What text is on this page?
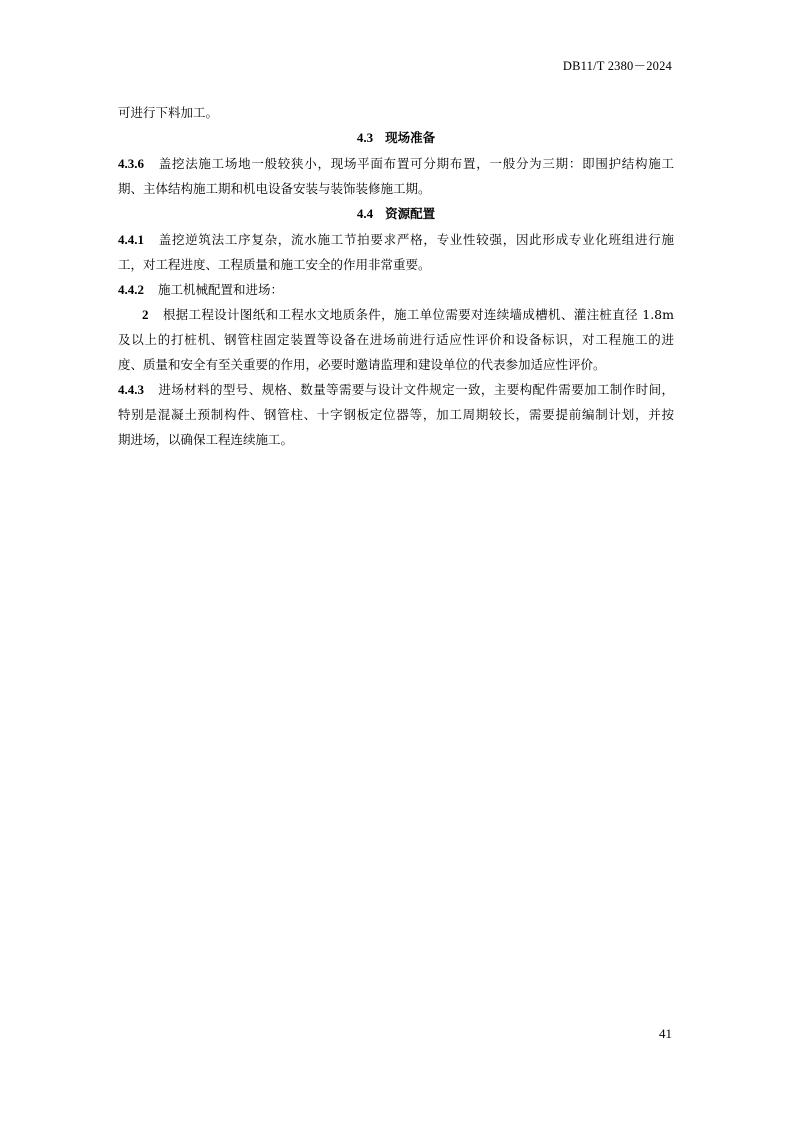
DB11/T 2380－2024
可进行下料加工。
4.3 现场准备
4.3.6 盖挖法施工场地一般较狭小，现场平面布置可分期布置，一般分为三期：即围护结构施工
期、主体结构施工期和机电设备安装与装饰装修施工期。
4.4 资源配置
4.4.1 盖挖逆筑法工序复杂，流水施工节拍要求严格，专业性较强，因此形成专业化班组进行施
工，对工程进度、工程质量和施工安全的作用非常重要。
4.4.2 施工机械配置和进场：
2 根据工程设计图纸和工程水文地质条件，施工单位需要对连续墙成槽机、灌注桩直径 1.8m
及以上的打桩机、钢管柱固定装置等设备在进场前进行适应性评价和设备标识，对工程施工的进
度、质量和安全有至关重要的作用，必要时邀请监理和建设单位的代表参加适应性评价。
4.4.3 进场材料的型号、规格、数量等需要与设计文件规定一致，主要构配件需要加工制作时间，
特别是混凝土预制构件、钢管柱、十字钢板定位器等，加工周期较长，需要提前编制计划，并按
期进场，以确保工程连续施工。
41
